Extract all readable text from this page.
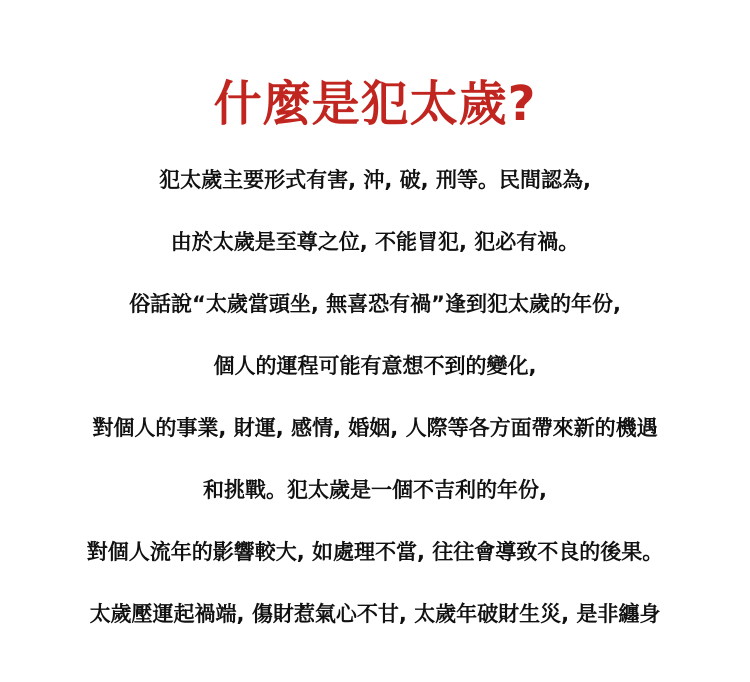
什麼是犯太歲?
犯太歲主要形式有害, 沖, 破, 刑等。民間認為,
由於太歲是至尊之位, 不能冒犯, 犯必有禍。
俗話說“太歲當頭坐, 無喜恐有禍”逢到犯太歲的年份,
個人的運程可能有意想不到的變化,
對個人的事業, 財運, 感情, 婚姻, 人際等各方面帶來新的機遇
和挑戰。犯太歲是一個不吉利的年份,
對個人流年的影響較大, 如處理不當, 往往會導致不良的後果。
太歲壓運起禍端, 傷財惹氣心不甘, 太歲年破財生災, 是非纏身
